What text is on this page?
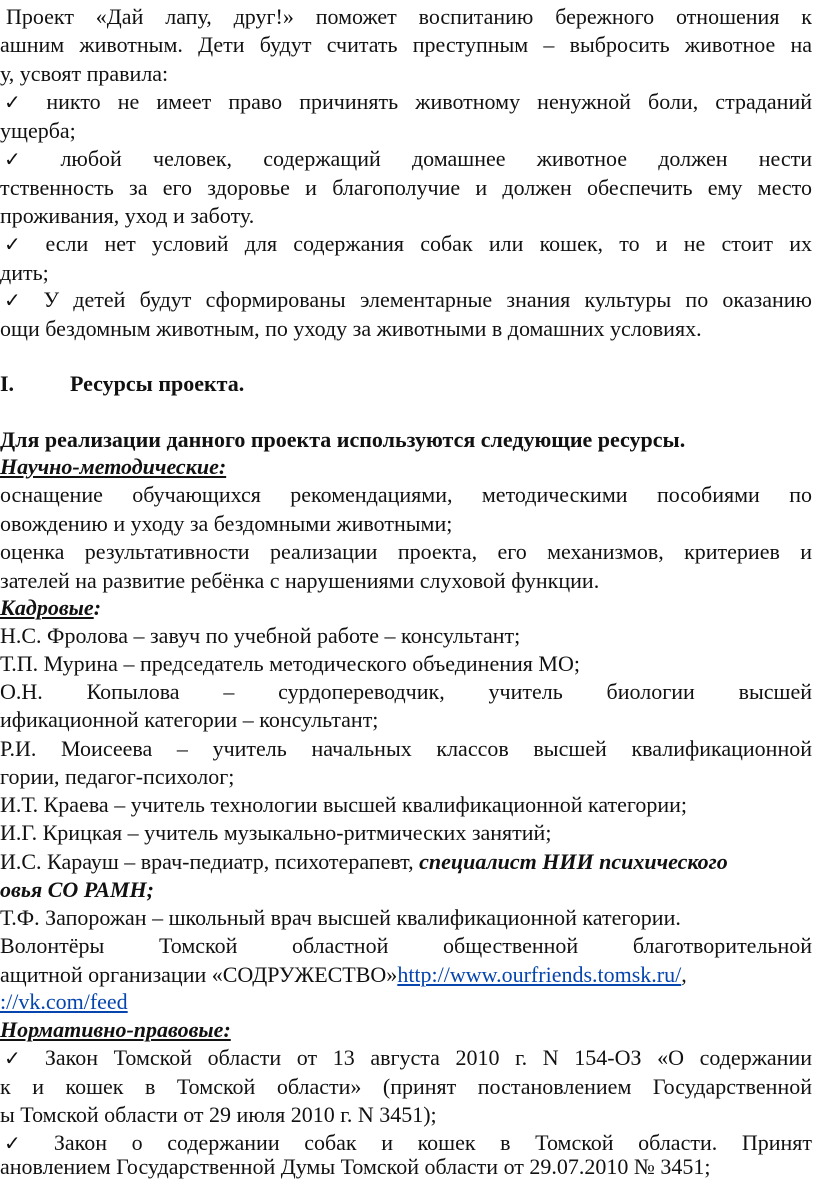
Проект «Дай лапу, друг!» поможет воспитанию бережного отношения к
ашним животным. Дети будут считать преступным – выбросить животное на
у, усвоят правила:
✓ никто не имеет право причинять животному ненужной боли, страданий
ущерба;
✓ любой человек, содержащий домашнее животное должен нести
тственность за его здоровье и благополучие и должен обеспечить ему место
проживания, уход и заботу.
✓ если нет условий для содержания собак или кошек, то и не стоит их
дить;
✓ У детей будут сформированы элементарные знания культуры по оказанию
ощи бездомным животным, по уходу за животными в домашних условиях.
I.	Ресурсы проекта.
Для реализации данного проекта используются следующие ресурсы.
Научно-методические:
оснащение обучающихся рекомендациями, методическими пособиями по
овождению и уходу за бездомными животными;
оценка результативности реализации проекта, его механизмов, критериев и
зателей на развитие ребёнка с нарушениями слуховой функции.
Кадровые:
Н.С. Фролова – завуч по учебной работе – консультант;
Т.П. Мурина – председатель методического объединения МО;
О.Н. Копылова – сурдопереводчик, учитель биологии высшей
ификационной категории – консультант;
Р.И. Моисеева – учитель начальных классов высшей квалификационной
гории, педагог-психолог;
И.Т. Краева – учитель технологии высшей квалификационной категории;
И.Г. Крицкая – учитель музыкально-ритмических занятий;
И.С. Карауш – врач-педиатр, психотерапевт, специалист НИИ психического
овья СО РАМН;
Т.Ф. Запорожан – школьный врач высшей квалификационной категории.
Волонтёры Томской областной общественной благотворительной
ащитной организации «СОДРУЖЕСТВО»http://www.ourfriends.tomsk.ru/,
://vk.com/feed
Нормативно-правовые:
✓ Закон Томской области от 13 августа 2010 г. N 154-ОЗ «О содержании
к и кошек в Томской области» (принят постановлением Государственной
ы Томской области от 29 июля 2010 г. N 3451);
✓ Закон о содержании собак и кошек в Томской области. Принят
ановлением Государственной Думы Томской области от 29.07.2010 № 3451;
